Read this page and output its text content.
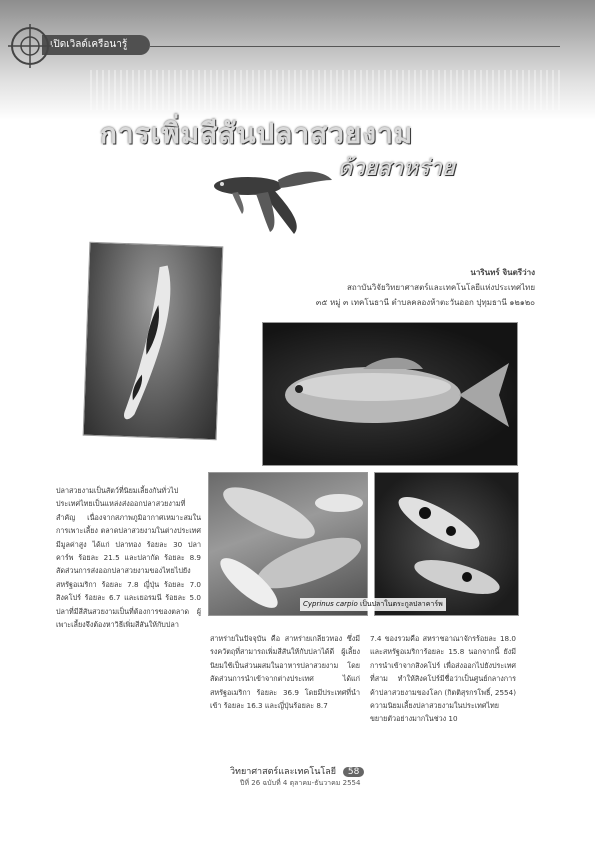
เปิดเวิลด์เครือนารู้
การเพิ่มสีสันปลาสวยงาม
ด้วยสาหร่าย
นารินทร์ จินตรีว่าง
สถาบันวิจัยวิทยาศาสตร์และเทคโนโลยีแห่งประเทศไทย
๓๕ หมู่ ๓ เทคโนธานี ตำบลคลองห้าตะวันออก ปุทุมธานี ๑๒๑๒๐
Cyprinus carpio เป็นปลาในตระกูลปลาคาร์พ
ปลาสวยงามเป็นสัตว์ที่นิยมเลี้ยงกันทั่วไป ประเทศไทยเป็นแหล่งส่งออกปลาสวยงามที่สำคัญ เนื่องจากสภาพภูมิอากาศเหมาะสมในการเพาะเลี้ยง ตลาดปลาสวยงามในต่างประเทศมีมูลค่าสูง ได้แก่ ปลาทอง ร้อยละ 30 ปลาคาร์พ ร้อยละ 21.5 และปลากัด ร้อยละ 8.9 สัดส่วนการส่งออกปลาสวยงามของไทยไปยังสหรัฐอเมริกา ร้อยละ 7.8 ญี่ปุ่น ร้อยละ 7.0 สิงคโปร์ ร้อยละ 6.7 และเยอรมนี ร้อยละ 5.0 ปลาที่มีสีสันสวยงามเป็นที่ต้องการของตลาด ผู้เพาะเลี้ยงจึงต้องหาวิธีเพิ่มสีสันให้กับปลา
สาหร่ายในปัจจุบัน คือ สาหร่ายเกลียวทอง ซึ่งมีรงควัตถุที่สามารถเพิ่มสีสันให้กับปลาได้ดี ผู้เลี้ยงนิยมใช้เป็นส่วนผสมในอาหารปลาสวยงาม โดยสัดส่วนการนำเข้าจากต่างประเทศ ได้แก่ สหรัฐอเมริกา ร้อยละ 36.9 โดยมีประเทศที่นำเข้า ร้อยละ 16.3 และญี่ปุ่นร้อยละ 8.7
7.4 ของรวมคือ สหราชอาณาจักรร้อยละ 18.0 และสหรัฐอเมริการ้อยละ 15.8 นอกจากนี้ ยังมีการนำเข้าจากสิงคโปร์ เพื่อส่งออกไปยังประเทศที่สาม ทำให้สิงคโปร์มีชื่อว่าเป็นศูนย์กลางการค้าปลาสวยงามของโลก (กิตติสุรกรโพธิ์, 2554) ความนิยมเลี้ยงปลาสวยงามในประเทศไทยขยายตัวอย่างมากในช่วง 10
วิทยาศาสตร์และเทคโนโลยี 58
ปีที่ 26 ฉบับที่ 4 ตุลาคม-ธันวาคม 2554
